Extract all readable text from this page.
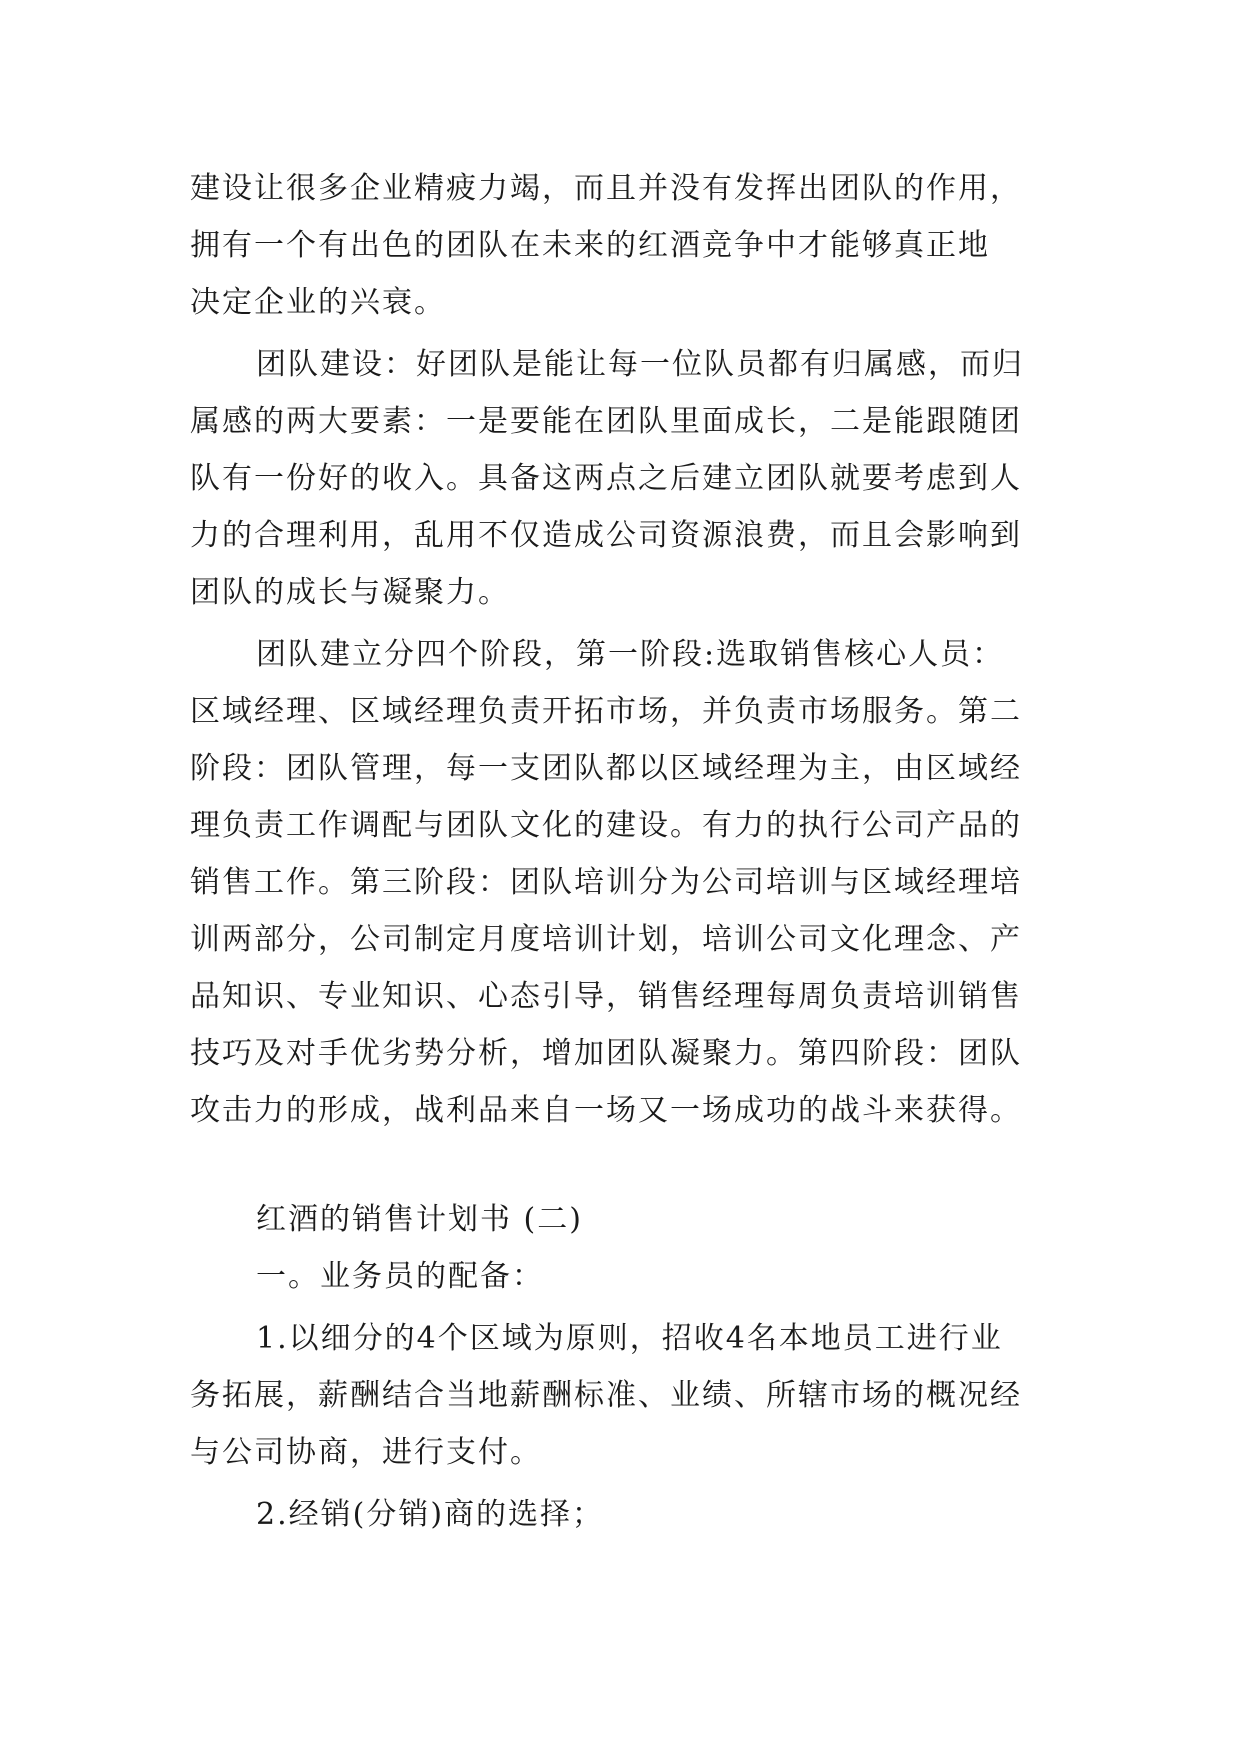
建设让很多企业精疲力竭，而且并没有发挥出团队的作用，
拥有一个有出色的团队在未来的红酒竞争中才能够真正地
决定企业的兴衰。
团队建设：好团队是能让每一位队员都有归属感，而归
属感的两大要素：一是要能在团队里面成长，二是能跟随团
队有一份好的收入。具备这两点之后建立团队就要考虑到人
力的合理利用，乱用不仅造成公司资源浪费，而且会影响到
团队的成长与凝聚力。
团队建立分四个阶段，第一阶段:选取销售核心人员：
区域经理、区域经理负责开拓市场，并负责市场服务。第二
阶段：团队管理，每一支团队都以区域经理为主，由区域经
理负责工作调配与团队文化的建设。有力的执行公司产品的
销售工作。第三阶段：团队培训分为公司培训与区域经理培
训两部分，公司制定月度培训计划，培训公司文化理念、产
品知识、专业知识、心态引导，销售经理每周负责培训销售
技巧及对手优劣势分析，增加团队凝聚力。第四阶段：团队
攻击力的形成，战利品来自一场又一场成功的战斗来获得。
红酒的销售计划书 (二)
一。业务员的配备：
1.以细分的4个区域为原则，招收4名本地员工进行业
务拓展，薪酬结合当地薪酬标准、业绩、所辖市场的概况经
与公司协商，进行支付。
2.经销(分销)商的选择；
